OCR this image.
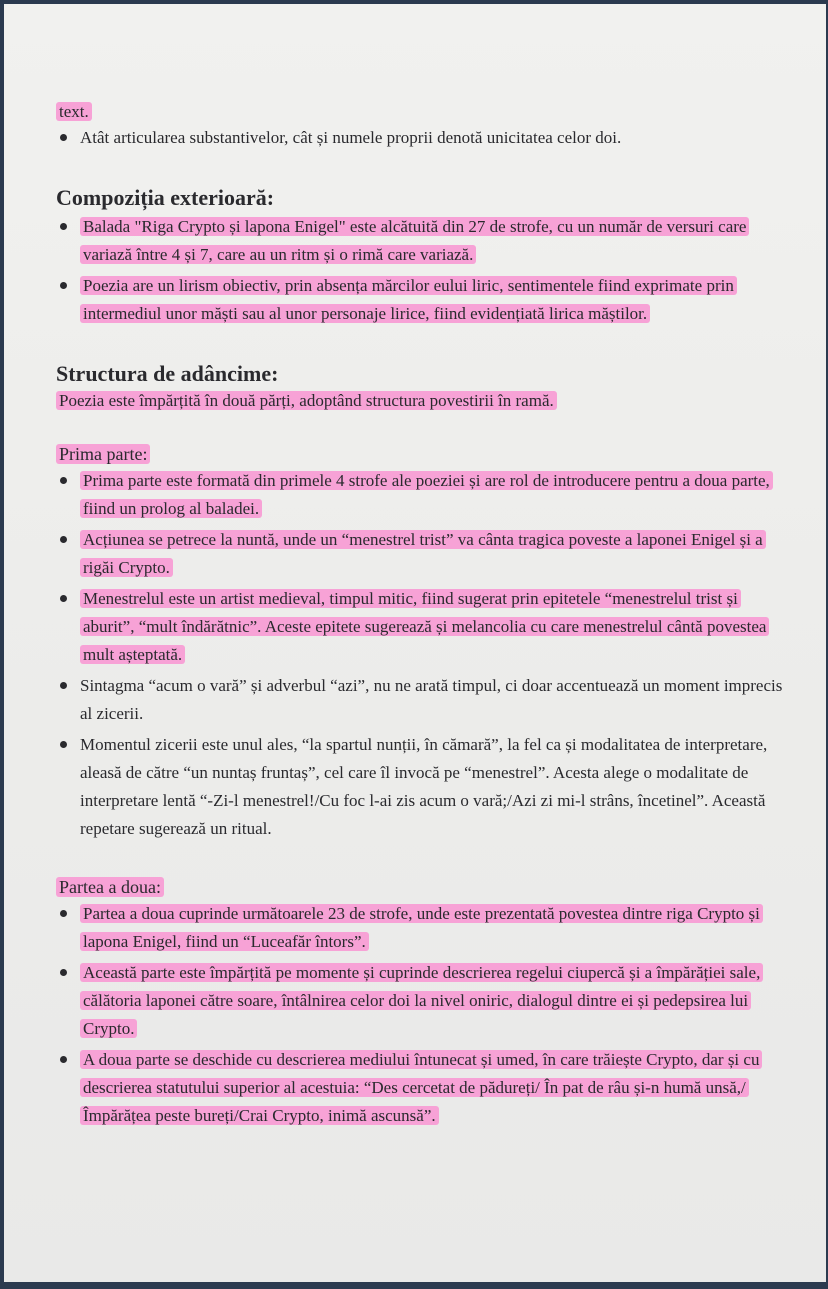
text.

Atât articularea substantivelor, cât și numele proprii denotă unicitatea celor doi.
Compoziția exterioară:
Balada "Riga Crypto și lapona Enigel" este alcătuită din 27 de strofe, cu un număr de versuri care variază între 4 și 7, care au un ritm și o rimă care variază.
Poezia are un lirism obiectiv, prin absența mărcilor eului liric, sentimentele fiind exprimate prin intermediul unor măști sau al unor personaje lirice, fiind evidențiată lirica măștilor.
Structura de adâncime:

Poezia este împărțită în două părți, adoptând structura povestirii în ramă.

Prima parte:

Prima parte este formată din primele 4 strofe ale poeziei și are rol de introducere pentru a doua parte, fiind un prolog al baladei.
Acțiunea se petrece la nuntă, unde un “menestrel trist” va cânta tragica poveste a laponei Enigel și a rigăi Crypto.
Menestrelul este un artist medieval, timpul mitic, fiind sugerat prin epitetele “menestrelul trist și aburit”, “mult îndărătnic”. Aceste epitete sugerează și melancolia cu care menestrelul cântă povestea mult așteptată.
Sintagma “acum o vară” și adverbul “azi”, nu ne arată timpul, ci doar accentuează un moment imprecis al zicerii.
Momentul zicerii este unul ales, “la spartul nunții, în cămară”, la fel ca și modalitatea de interpretare, aleasă de către “un nuntaș fruntaș”, cel care îl invocă pe “menestrel”. Acesta alege o modalitate de interpretare lentă “-Zi-l menestrel!/Cu foc l-ai zis acum o vară;/Azi zi mi-l strâns, încetinel”. Această repetare sugerează un ritual.

Partea a doua:

Partea a doua cuprinde următoarele 23 de strofe, unde este prezentată povestea dintre riga Crypto și lapona Enigel, fiind un “Luceafăr întors”.
Această parte este împărțită pe momente și cuprinde descrierea regelui ciupercă și a împărăției sale, călătoria laponei către soare, întâlnirea celor doi la nivel oniric, dialogul dintre ei și pedepsirea lui Crypto.
A doua parte se deschide cu descrierea mediului întunecat și umed, în care trăiește Crypto, dar și cu descrierea statutului superior al acestuia: “Des cercetat de pădureți/ În pat de râu și-n humă unsă,/Împărățea peste bureți/Crai Crypto, inimă ascunsă”.
